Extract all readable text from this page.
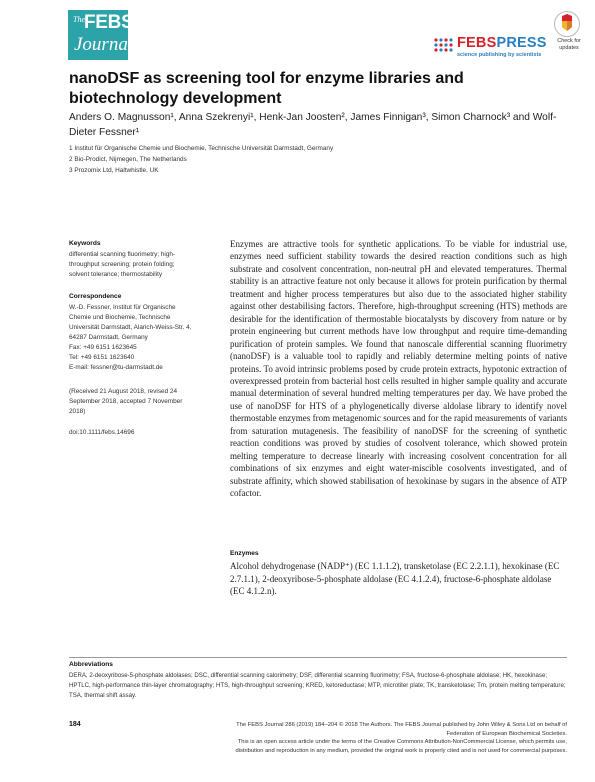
The FEBS
Journal	FEBSPRESS
science publishing by scientists
Check for
updates
nanoDSF as screening tool for enzyme libraries and biotechnology development
Anders O. Magnusson¹, Anna Szekrenyi¹, Henk-Jan Joosten², James Finnigan³, Simon Charnock³ and Wolf-Dieter Fessner¹
1 Institut für Organische Chemie und Biochemie, Technische Universität Darmstadt, Germany
2 Bio-Prodict, Nijmegen, The Netherlands
3 Prozomix Ltd, Haltwhistle, UK
Keywords
differential scanning fluorimetry; high-
throughput screening; protein folding;
solvent tolerance; thermostability
Correspondence
W.-D. Fessner, Institut für Organische
Chemie und Biochemie, Technische
Universität Darmstadt, Alarich-Weiss-Str. 4,
64287 Darmstadt, Germany
Fax: +49 6151 1623645
Tel: +49 6151 1623640
E-mail: fessner@tu-darmstadt.de
(Received 21 August 2018, revised 24
September 2018, accepted 7 November
2018)
doi:10.1111/febs.14696
Enzymes are attractive tools for synthetic applications. To be viable for industrial use, enzymes need sufficient stability towards the desired reaction conditions such as high substrate and cosolvent concentration, non-neutral pH and elevated temperatures. Thermal stability is an attractive feature not only because it allows for protein purification by thermal treatment and higher process temperatures but also due to the associated higher stability against other destabilising factors. Therefore, high-throughput screening (HTS) methods are desirable for the identification of thermostable biocatalysts by discovery from nature or by protein engineering but current methods have low throughput and require time-demanding purification of protein samples. We found that nanoscale differential scanning fluorimetry (nanoDSF) is a valuable tool to rapidly and reliably determine melting points of native proteins. To avoid intrinsic problems posed by crude protein extracts, hypotonic extraction of overexpressed protein from bacterial host cells resulted in higher sample quality and accurate manual determination of several hundred melting temperatures per day. We have probed the use of nanoDSF for HTS of a phylogenetically diverse aldolase library to identify novel thermostable enzymes from metagenomic sources and for the rapid measurements of variants from saturation mutagenesis. The feasibility of nanoDSF for the screening of synthetic reaction conditions was proved by studies of cosolvent tolerance, which showed protein melting temperature to decrease linearly with increasing cosolvent concentration for all combinations of six enzymes and eight water-miscible cosolvents investigated, and of substrate affinity, which showed stabilisation of hexokinase by sugars in the absence of ATP cofactor.
Enzymes
Alcohol dehydrogenase (NADP⁺) (EC 1.1.1.2), transketolase (EC 2.2.1.1), hexokinase (EC 2.7.1.1), 2-deoxyribose-5-phosphate aldolase (EC 4.1.2.4), fructose-6-phosphate aldolase (EC 4.1.2.n).
Abbreviations
DERA, 2-deoxyribose-5-phosphate aldolases; DSC, differential scanning calorimetry; DSF, differential scanning fluorimetry; FSA, fructose-6-phosphate aldolase; HK, hexokinase; HPTLC, high-performance thin-layer chromatography; HTS, high-throughput screening; KRED, ketoreductase; MTP, microtiter plate; TK, transketolase; Tm, protein melting temperature; TSA, thermal shift assay.
184	The FEBS Journal 286 (2019) 184–204 © 2018 The Authors. The FEBS Journal published by John Wiley & Sons Ltd on behalf of
Federation of European Biochemical Societies.
This is an open access article under the terms of the Creative Commons Attribution-NonCommercial License, which permits use,
distribution and reproduction in any medium, provided the original work is properly cited and is not used for commercial purposes.
